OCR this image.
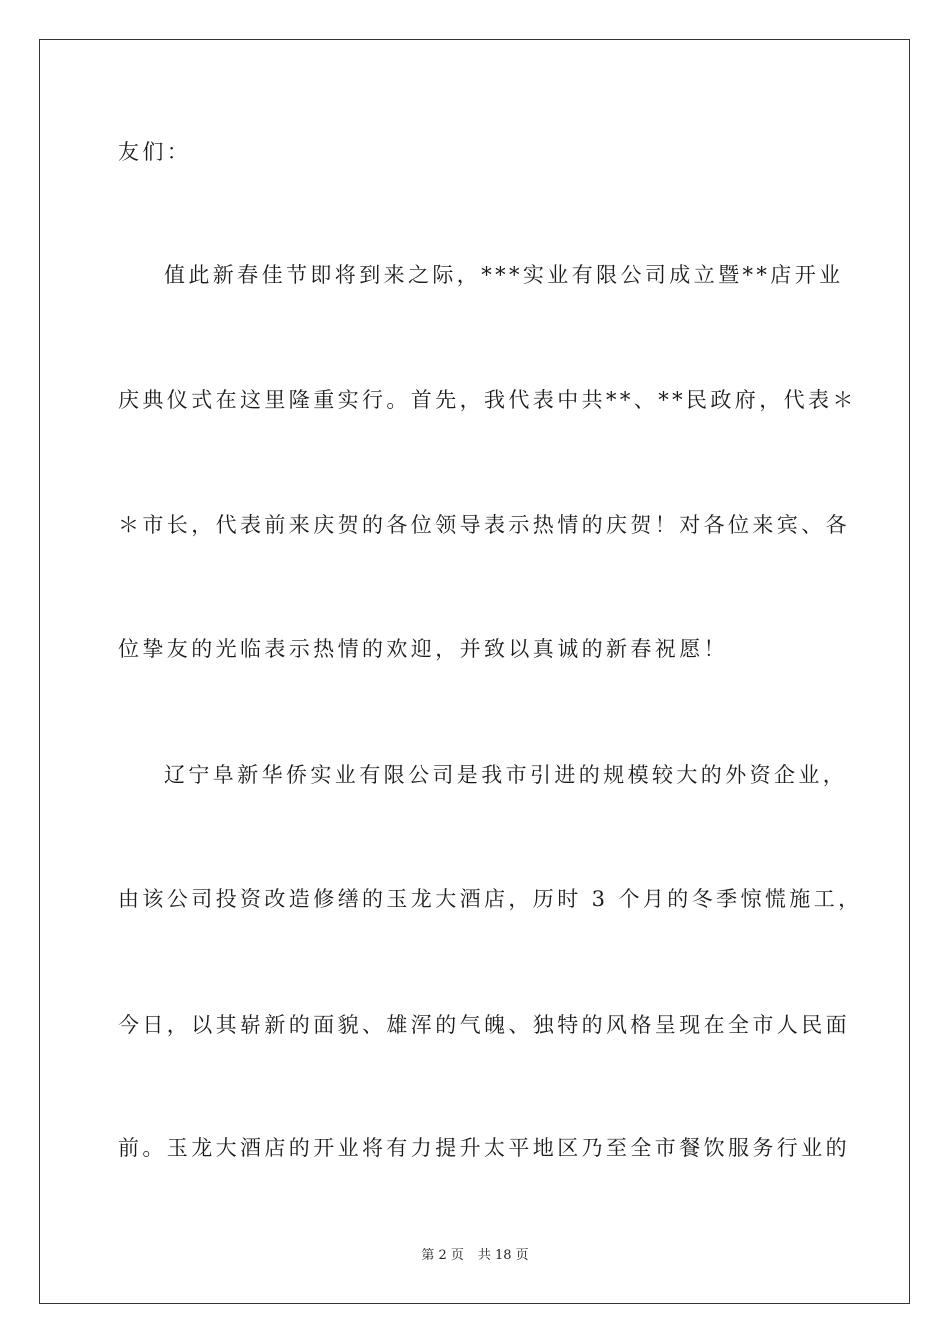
友们：
值此新春佳节即将到来之际，***实业有限公司成立暨**店开业
庆典仪式在这里隆重实行。首先，我代表中共**、**民政府，代表＊
＊市长，代表前来庆贺的各位领导表示热情的庆贺！对各位来宾、各
位挚友的光临表示热情的欢迎，并致以真诚的新春祝愿！
辽宁阜新华侨实业有限公司是我市引进的规模较大的外资企业，
由该公司投资改造修缮的玉龙大酒店，历时 3 个月的冬季惊慌施工，
今日，以其崭新的面貌、雄浑的气魄、独特的风格呈现在全市人民面
前。玉龙大酒店的开业将有力提升太平地区乃至全市餐饮服务行业的
第 2 页 共 18 页
